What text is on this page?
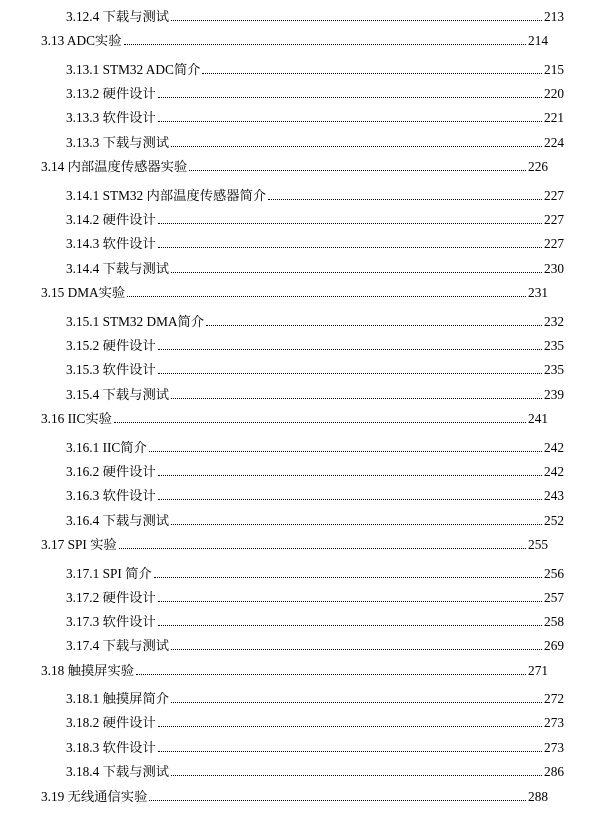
3.12.4 下载与测试	213
3.13 ADC实验	214
3.13.1 STM32 ADC简介	215
3.13.2 硬件设计	220
3.13.3 软件设计	221
3.13.3 下载与测试	224
3.14 内部温度传感器实验	226
3.14.1 STM32 内部温度传感器简介	227
3.14.2 硬件设计	227
3.14.3 软件设计	227
3.14.4 下载与测试	230
3.15 DMA实验	231
3.15.1 STM32 DMA简介	232
3.15.2 硬件设计	235
3.15.3 软件设计	235
3.15.4 下载与测试	239
3.16 IIC实验	241
3.16.1 IIC简介	242
3.16.2 硬件设计	242
3.16.3 软件设计	243
3.16.4 下载与测试	252
3.17 SPI 实验	255
3.17.1 SPI 简介	256
3.17.2 硬件设计	257
3.17.3 软件设计	258
3.17.4 下载与测试	269
3.18 触摸屏实验	271
3.18.1 触摸屏简介	272
3.18.2 硬件设计	273
3.18.3 软件设计	273
3.18.4 下载与测试	286
3.19 无线通信实验	288
